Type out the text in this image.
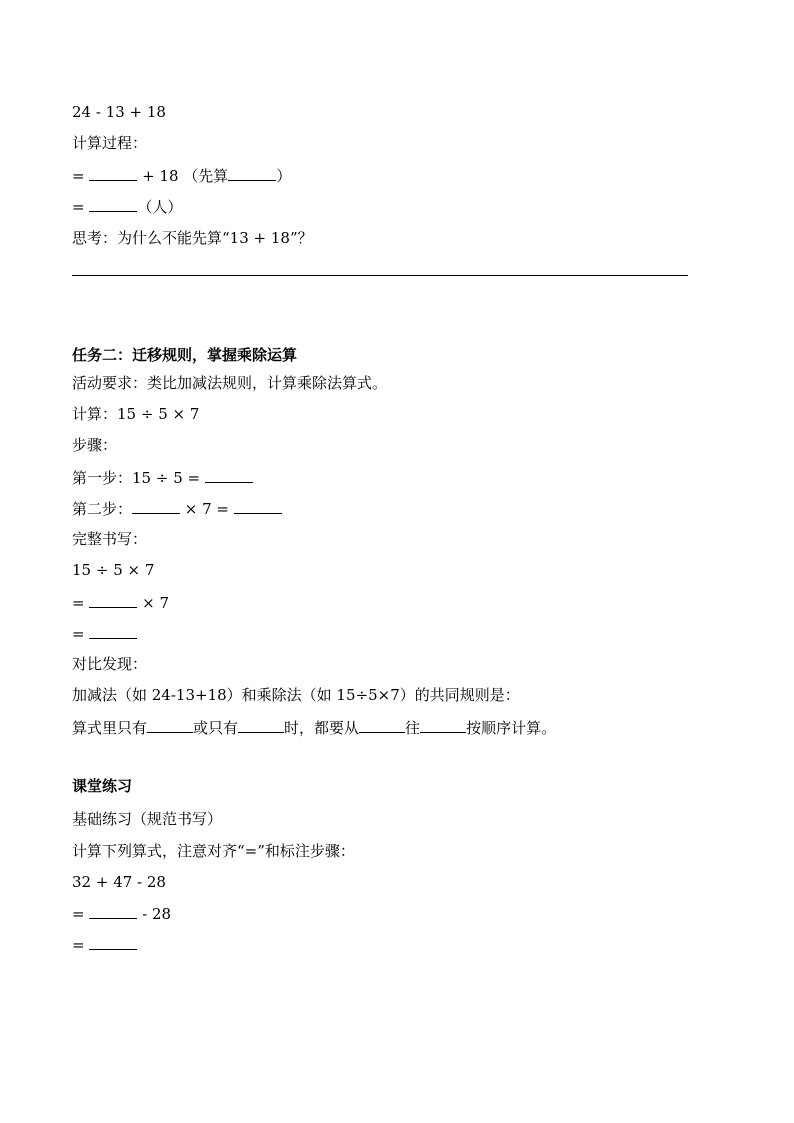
24 - 13 + 18
计算过程：
=	+ 18 （先算	）
=	（人）
思考：为什么不能先算“13 + 18”？
任务二：迁移规则，掌握乘除运算
活动要求：类比加减法规则，计算乘除法算式。
计算：15 ÷ 5 × 7
步骤：
第一步：15 ÷ 5 =
第二步：	× 7 =
完整书写：
15 ÷ 5 × 7
=	× 7
=
对比发现：
加减法（如 24-13+18）和乘除法（如 15÷5×7）的共同规则是：
算式里只有	或只有	时，都要从	往	按顺序计算。
课堂练习
基础练习（规范书写）
计算下列算式，注意对齐“=”和标注步骤：
32 + 47 - 28
=	- 28
=
